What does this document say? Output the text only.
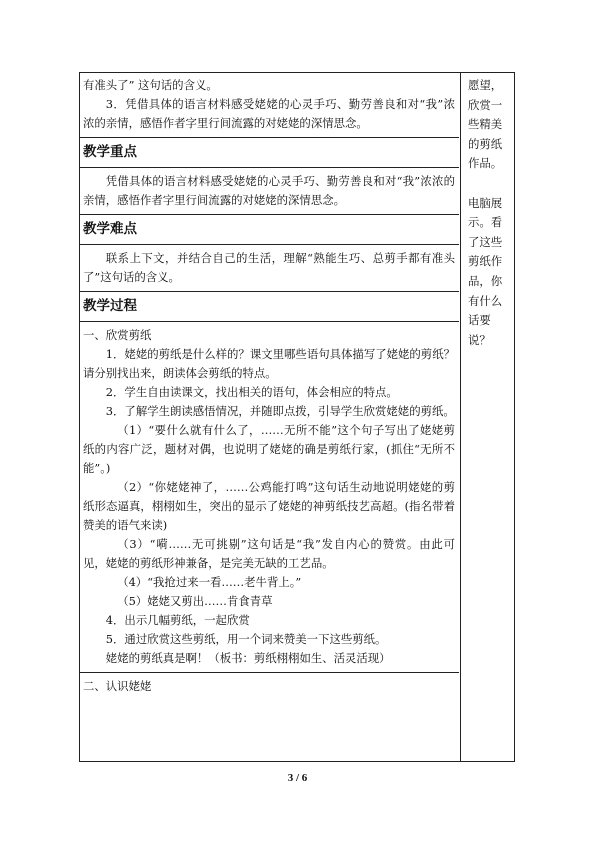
有准头了” 这句话的含义。

3．凭借具体的语言材料感受姥姥的心灵手巧、勤劳善良和对“我”浓浓的亲情，感悟作者字里行间流露的对姥姥的深情思念。

教学重点

凭借具体的语言材料感受姥姥的心灵手巧、勤劳善良和对“我”浓浓的亲情，感悟作者字里行间流露的对姥姥的深情思念。

教学难点

联系上下文，并结合自己的生活，理解“熟能生巧、总剪手都有准头了”这句话的含义。

教学过程

一、欣赏剪纸

1．姥姥的剪纸是什么样的？课文里哪些语句具体描写了姥姥的剪纸？请分别找出来，朗读体会剪纸的特点。

2．学生自由读课文，找出相关的语句，体会相应的特点。

3．了解学生朗读感悟情况，并随即点拨，引导学生欣赏姥姥的剪纸。

（1）“要什么就有什么了，……无所不能”这个句子写出了姥姥剪纸的内容广泛，题材对偶，也说明了姥姥的确是剪纸行家，(抓住“无所不能”。)

（2）“你姥姥神了，……公鸡能打鸣”这句话生动地说明姥姥的剪纸形态逼真，栩栩如生，突出的显示了姥姥的神剪纸技艺高超。(指名带着赞美的语气来读)

（3）“嗬……无可挑剔”这句话是“我”发自内心的赞赏。由此可见，姥姥的剪纸形神兼备，是完美无缺的工艺品。

（4）“我抢过来一看……老牛背上。”

（5）姥姥又剪出……肯食青草

4．出示几幅剪纸，一起欣赏

5．通过欣赏这些剪纸，用一个词来赞美一下这些剪纸。

姥姥的剪纸真是啊！（板书：剪纸栩栩如生、活灵活现）

二、认识姥姥

愿望，
欣赏一
些精美
的剪纸
作品。
电脑展
示。看
了这些
剪纸作
品，你
有什么
话要
说？
3 / 6
